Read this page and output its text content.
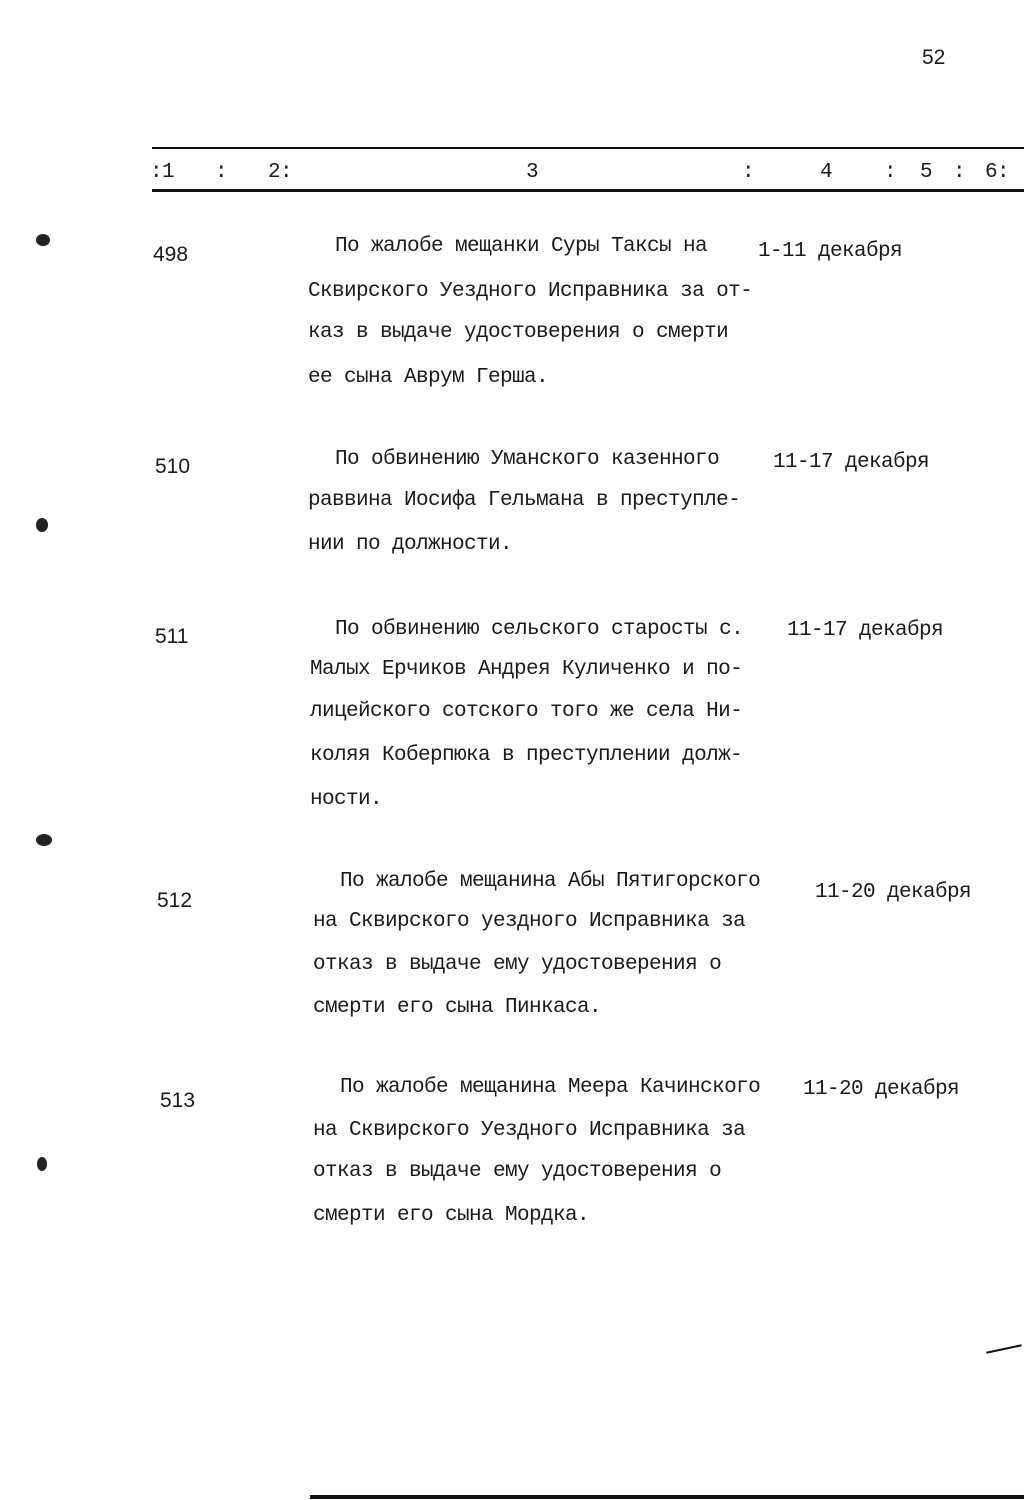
52
:1 : 2:	3	:	4 : 5 : 6:
498	По жалобе мещанки Суры Таксы на
Сквирского Уездного Исправника за от-
каз в выдаче удостоверения о смерти
ее сына Аврум Герша.
1-11 декабря
510	По обвинению Уманского казенного
раввина Иосифа Гельмана в преступле-
нии по должности.
11-17 декабря
511	По обвинению сельского старосты с.
Малых Ерчиков Андрея Куличенко и по-
лицейского сотского того же села Ни-
коляя Коберпюка в преступлении долж-
ности.
11-17 декабря
512
По жалобе мещанина Абы Пятигорского
на Сквирского уездного Исправника за
отказ в выдаче ему удостоверения о
смерти его сына Пинкаса.
11-20 декабря
513
По жалобе мещанина Меера Качинского
на Сквирского Уездного Исправника за
отказ в выдаче ему удостоверения о
смерти его сына Мордка.
11-20 декабря
